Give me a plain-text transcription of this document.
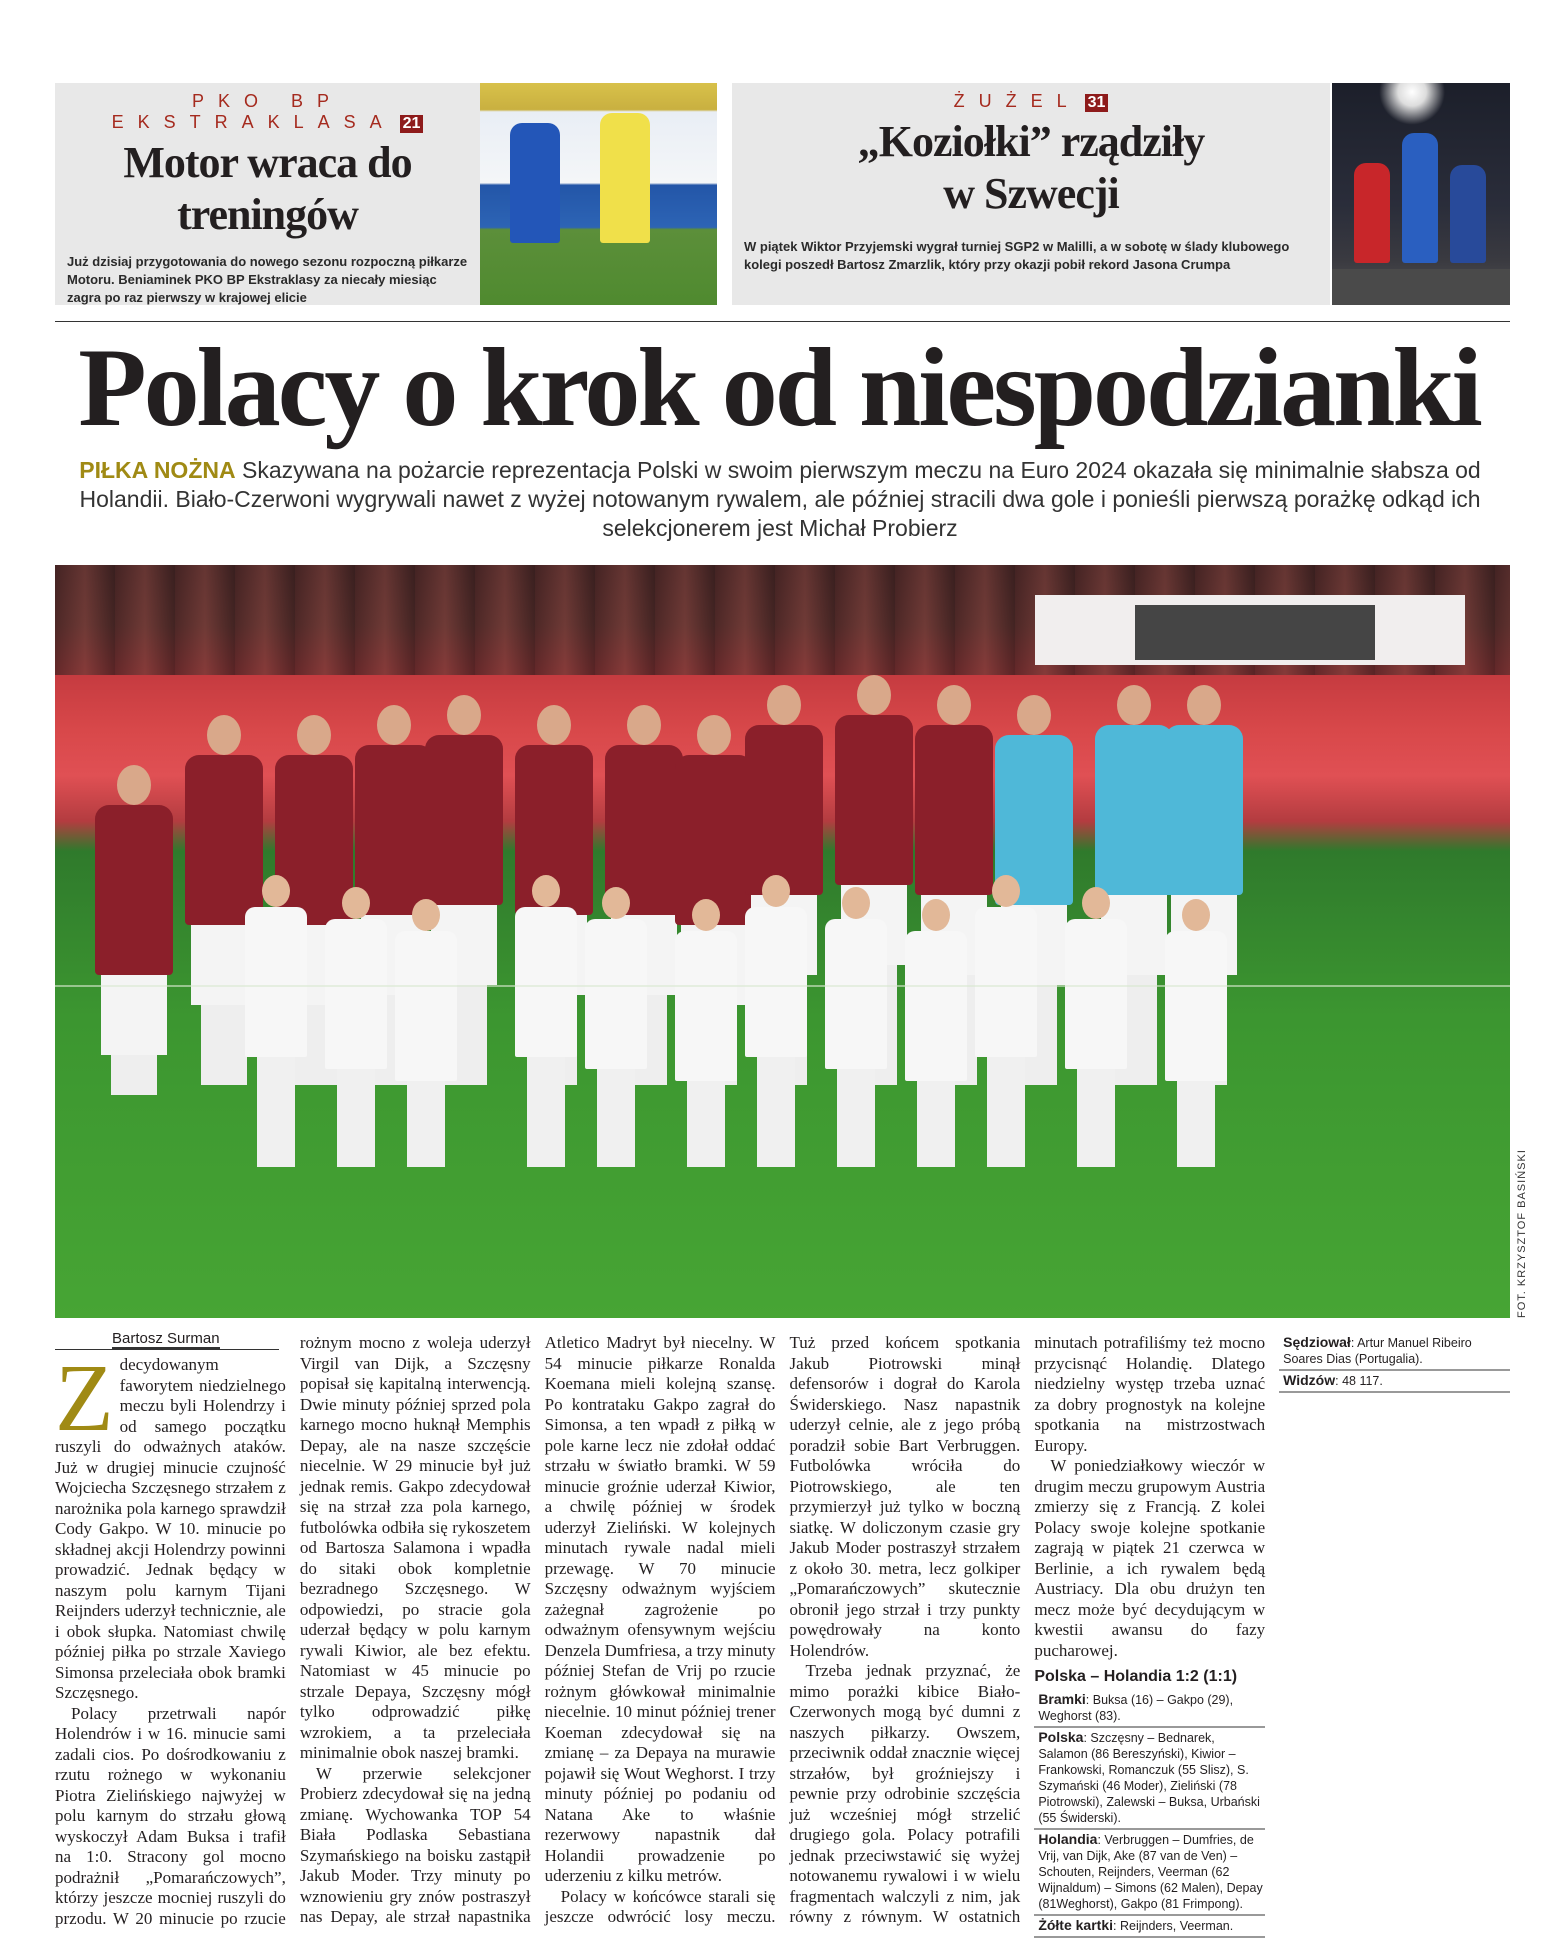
PKO BP EKSTRAKLASA 21
Motor wraca do treningów
Już dzisiaj przygotowania do nowego sezonu rozpoczną piłkarze Motoru. Beniaminek PKO BP Ekstraklasy za niecały miesiąc zagra po raz pierwszy w krajowej elicie
ŻUŻEL 31
„Koziołki” rządziły w Szwecji
W piątek Wiktor Przyjemski wygrał turniej SGP2 w Malilli, a w sobotę w ślady klubowego kolegi poszedł Bartosz Zmarzlik, który przy okazji pobił rekord Jasona Crumpa
Polacy o krok od niespodzianki
PIŁKA NOŻNA Skazywana na pożarcie reprezentacja Polski w swoim pierwszym meczu na Euro 2024 okazała się minimalnie słabsza od Holandii. Biało-Czerwoni wygrywali nawet z wyżej notowanym rywalem, ale później stracili dwa gole i ponieśli pierwszą porażkę odkąd ich selekcjonerem jest Michał Probierz
FOT. KRZYSZTOF BASIŃSKI
Bartosz Surman

Zdecydowanym faworytem niedzielnego meczu byli Holendrzy i od samego początku ruszyli do odważnych ataków. Już w drugiej minucie czujność Wojciecha Szczęsnego strzałem z narożnika pola karnego sprawdził Cody Gakpo. W 10. minucie po składnej akcji Holendrzy powinni prowadzić. Jednak będący w naszym polu karnym Tijani Reijnders uderzył technicznie, ale i obok słupka. Natomiast chwilę później piłka po strzale Xaviego Simonsa przeleciała obok bramki Szczęsnego.

Polacy przetrwali napór Holendrów i w 16. minucie sami zadali cios. Po dośrodkowaniu z rzutu rożnego w wykonaniu Piotra Zielińskiego najwyżej w polu karnym do strzału głową wyskoczył Adam Buksa i trafił na 1:0. Stracony gol mocno podrażnił „Pomarańczowych”, którzy jeszcze mocniej ruszyli do przodu. W 20 minucie po rzucie rożnym mocno z woleja uderzył Virgil van Dijk, a Szczęsny popisał się kapitalną interwencją. Dwie minuty później sprzed pola karnego mocno huknął Memphis Depay, ale na nasze szczęście niecelnie. W 29 minucie był już jednak remis. Gakpo zdecydował się na strzał zza pola karnego, futbolówka odbiła się rykoszetem od Bartosza Salamona i wpadła do sitaki obok kompletnie bezradnego Szczęsnego. W odpowiedzi, po stracie gola uderzał będący w polu karnym rywali Kiwior, ale bez efektu. Natomiast w 45 minucie po strzale Depaya, Szczęsny mógł tylko odprowadzić piłkę wzrokiem, a ta przeleciała minimalnie obok naszej bramki.

W przerwie selekcjoner Probierz zdecydował się na jedną zmianę. Wychowanka TOP 54 Biała Podlaska Sebastiana Szymańskiego na boisku zastąpił Jakub Moder. Trzy minuty po wznowieniu gry znów postraszył nas Depay, ale strzał napastnika Atletico Madryt był niecelny. W 54 minucie piłkarze Ronalda Koemana mieli kolejną szansę. Po kontrataku Gakpo zagrał do Simonsa, a ten wpadł z piłką w pole karne lecz nie zdołał oddać strzału w światło bramki. W 59 minucie groźnie uderzał Kiwior, a chwilę później w środek uderzył Zieliński. W kolejnych minutach rywale nadal mieli przewagę. W 70 minucie Szczęsny odważnym wyjściem zażegnał zagrożenie po odważnym ofensywnym wejściu Denzela Dumfriesa, a trzy minuty później Stefan de Vrij po rzucie rożnym główkował minimalnie niecelnie. 10 minut później trener Koeman zdecydował się na zmianę – za Depaya na murawie pojawił się Wout Weghorst. I trzy minuty później po podaniu od Natana Ake to właśnie rezerwowy napastnik dał Holandii prowadzenie po uderzeniu z kilku metrów.

Polacy w końcówce starali się jeszcze odwrócić losy meczu. Tuż przed końcem spotkania Jakub Piotrowski minął defensorów i dograł do Karola Świderskiego. Nasz napastnik uderzył celnie, ale z jego próbą poradził sobie Bart Verbruggen. Futbolówka wróciła do Piotrowskiego, ale ten przymierzył już tylko w boczną siatkę. W doliczonym czasie gry Jakub Moder postraszył strzałem z około 30. metra, lecz golkiper „Pomarańczowych” skutecznie obronił jego strzał i trzy punkty powędrowały na konto Holendrów.

Trzeba jednak przyznać, że mimo porażki kibice Biało-Czerwonych mogą być dumni z naszych piłkarzy. Owszem, przeciwnik oddał znacznie więcej strzałów, był groźniejszy i pewnie przy odrobinie szczęścia już wcześniej mógł strzelić drugiego gola. Polacy potrafili jednak przeciwstawić się wyżej notowanemu rywalowi i w wielu fragmentach walczyli z nim, jak równy z równym. W ostatnich minutach potrafiliśmy też mocno przycisnąć Holandię. Dlatego niedzielny występ trzeba uznać za dobry prognostyk na kolejne spotkania na mistrzostwach Europy.

W poniedziałkowy wieczór w drugim meczu grupowym Austria zmierzy się z Francją. Z kolei Polacy swoje kolejne spotkanie zagrają w piątek 21 czerwca w Berlinie, a ich rywalem będą Austriacy. Dla obu drużyn ten mecz może być decydującym w kwestii awansu do fazy pucharowej.

Polska – Holandia 1:2 (1:1)
Bramki: Buksa (16) – Gakpo (29), Weghorst (83).
Polska: Szczęsny – Bednarek, Salamon (86 Bereszyński), Kiwior – Frankowski, Romanczuk (55 Slisz), S. Szymański (46 Moder), Zieliński (78 Piotrowski), Zalewski – Buksa, Urbański (55 Świderski).
Holandia: Verbruggen – Dumfries, de Vrij, van Dijk, Ake (87 van de Ven) – Schouten, Reijnders, Veerman (62 Wijnaldum) – Simons (62 Malen), Depay (81Weghorst), Gakpo (81 Frimpong).
Żółte kartki: Reijnders, Veerman.
Sędziował: Artur Manuel Ribeiro Soares Dias (Portugalia).
Widzów: 48 117.
